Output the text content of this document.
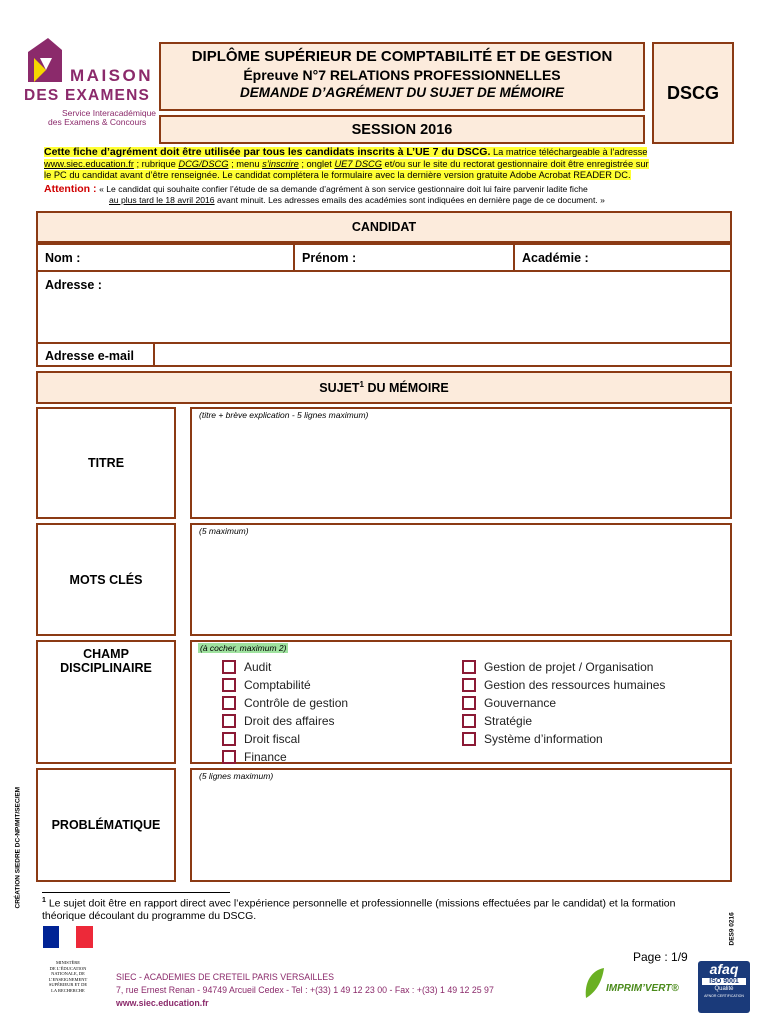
MAISON
DES EXAMENS
Service Interacadémique
des Examens & Concours
DIPLÔME SUPÉRIEUR DE COMPTABILITÉ ET DE GESTION
Épreuve N°7 RELATIONS PROFESSIONNELLES
DEMANDE D’AGRÉMENT DU SUJET DE MÉMOIRE	DSCG
SESSION 2016
Cette fiche d’agrément doit être utilisée par tous les candidats inscrits à L’UE 7 du DSCG. La matrice téléchargeable à l’adresse
www.siec.education.fr ; rubrique DCG/DSCG ; menu s’inscrire ; onglet UE7 DSCG et/ou sur le site du rectorat gestionnaire doit être enregistrée sur
le PC du candidat avant d’être renseignée. Le candidat complétera le formulaire avec la dernière version gratuite Adobe Acrobat READER DC.
Attention : « Le candidat qui souhaite confier l’étude de sa demande d’agrément à son service gestionnaire doit lui faire parvenir ladite fiche
au plus tard le 18 avril 2016 avant minuit. Les adresses emails des académies sont indiquées en dernière page de ce document. »
CANDIDAT
Nom :	Prénom :	Académie :
Adresse :
Adresse e-mail
SUJET$^1$ DU MÉMOIRE
TITRE
(titre + brève explication - 5 lignes maximum)
MOTS CLÉS
(5 maximum)
CHAMP
DISCIPLINAIRE
(à cocher, maximum 2)
Audit
Comptabilité
Contrôle de gestion
Droit des affaires
Droit fiscal
Finance
Gestion de projet / Organisation
Gestion des ressources humaines
Gouvernance
Stratégie
Système d’information
PROBLÉMATIQUE
(5 lignes maximum)
$^1$ Le sujet doit être en rapport direct avec l’expérience personnelle et professionnelle (missions effectuées par le candidat) et la formation
théorique découlant du programme du DSCG.
CRÉATION SIEDRE DC-NP/MIT/SEC/EM
DES9 0216
Page : 1/9
MINISTÈRE
DE L’ÉDUCATION
NATIONALE, DE
L’ENSEIGNEMENT
SUPÉRIEUR ET DE
LA RECHERCHE
SIEC - ACADEMIES DE CRETEIL PARIS VERSAILLES
7, rue Ernest Renan - 94749 Arcueil Cedex - Tel : +(33) 1 49 12 23 00 - Fax : +(33) 1 49 12 25 97
www.siec.education.fr
IMPRIM’VERT®
afaq
ISO 9001
Qualité
AFNOR CERTIFICATION
